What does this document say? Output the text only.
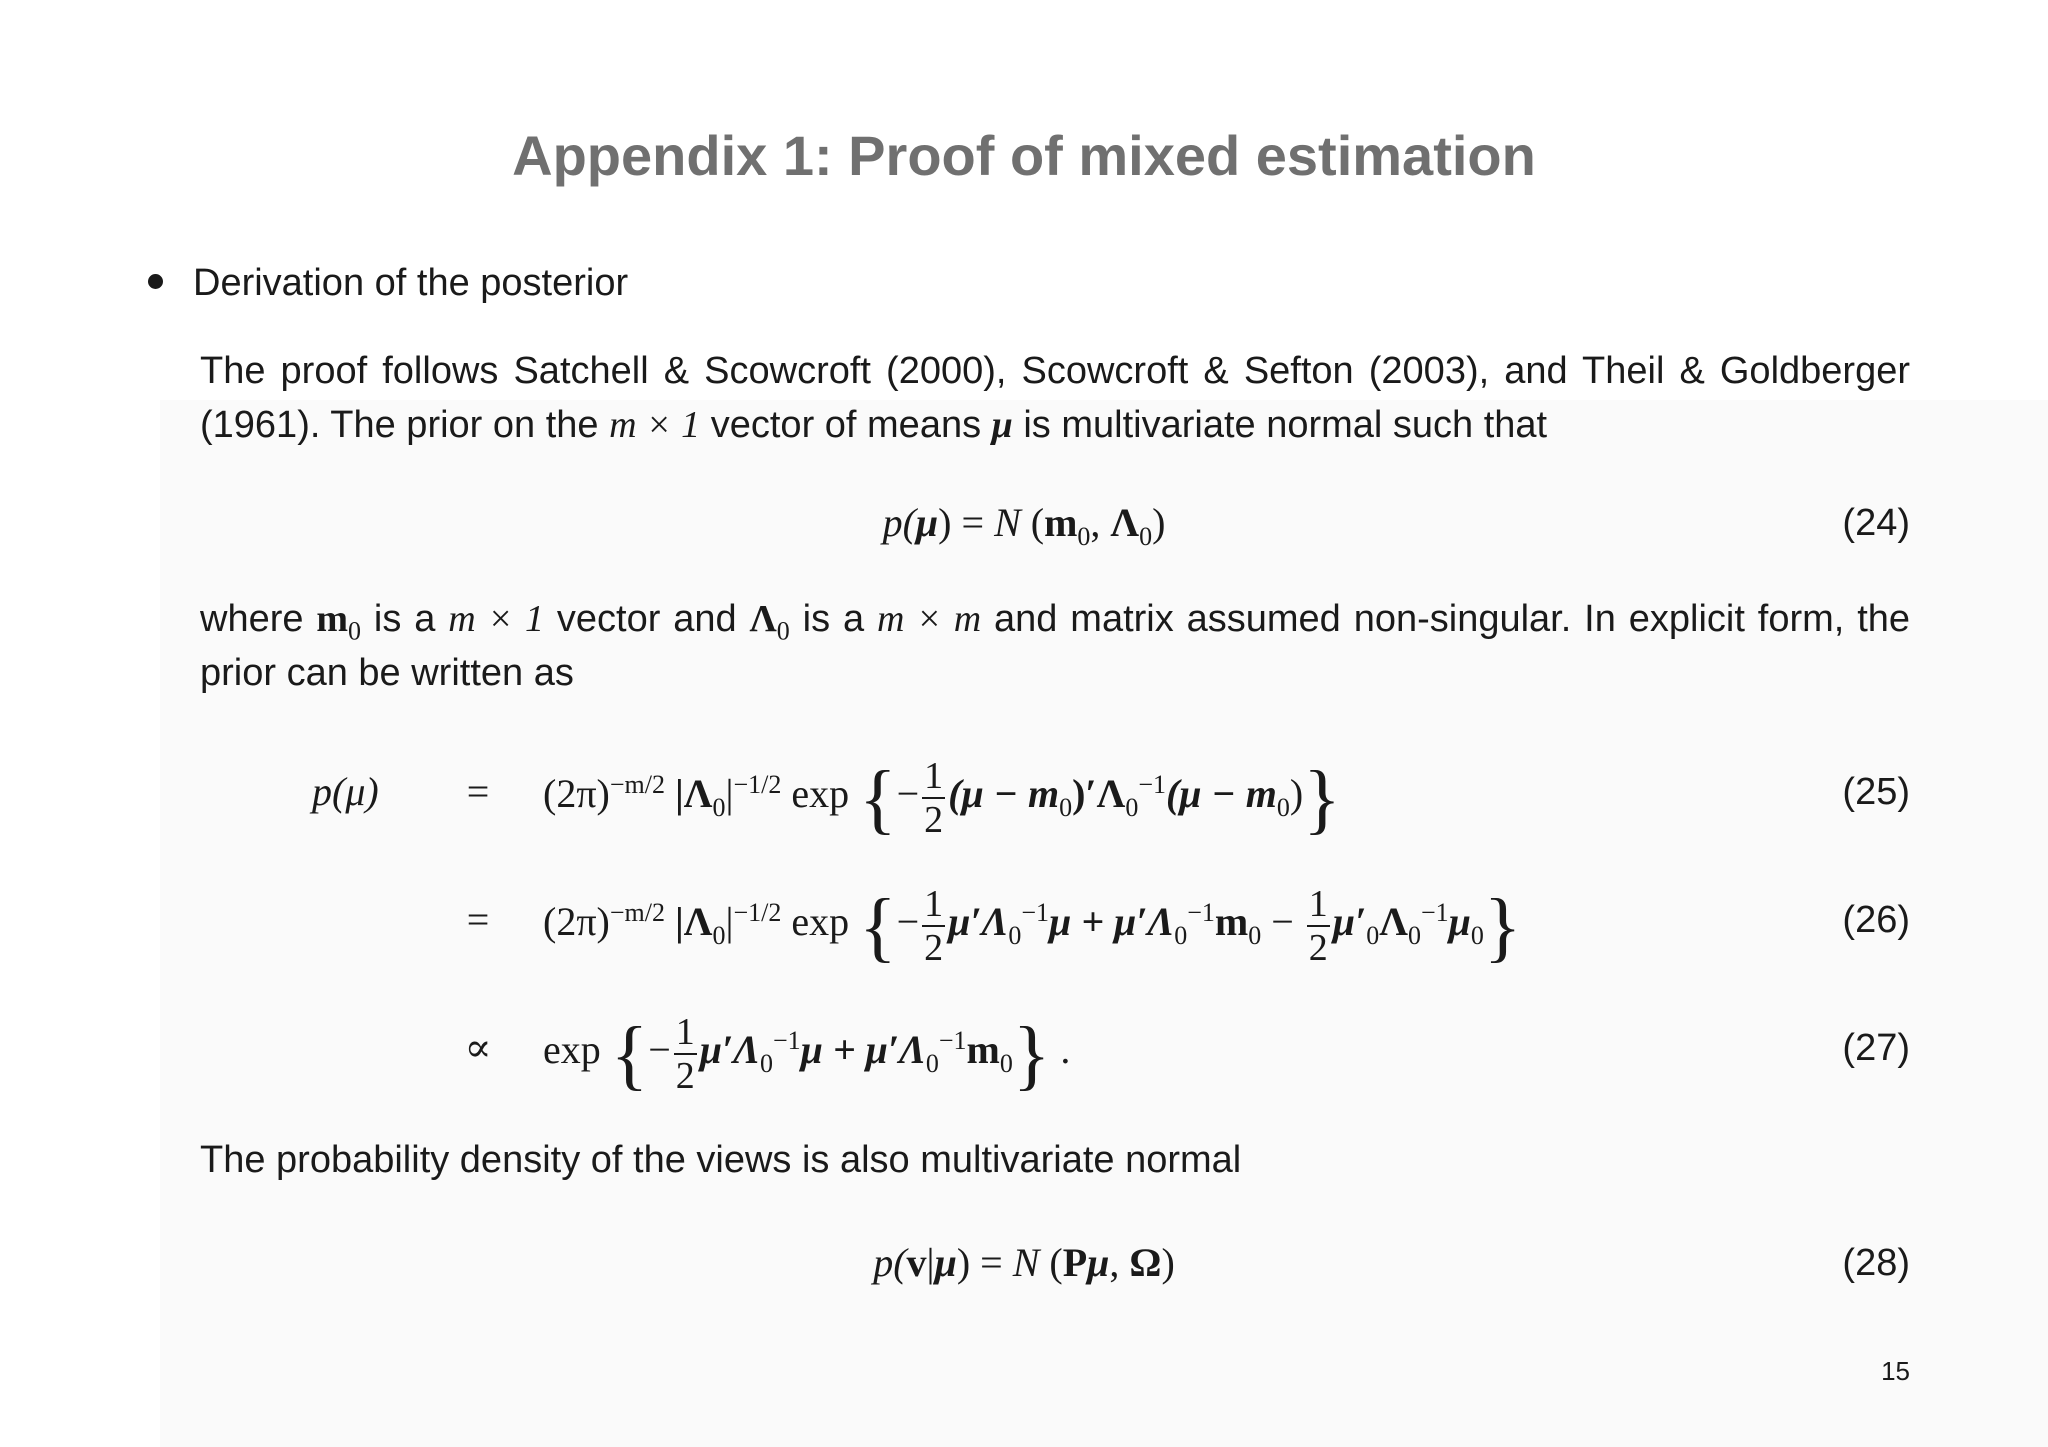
Appendix 1: Proof of mixed estimation
Derivation of the posterior
The proof follows Satchell & Scowcroft (2000), Scowcroft & Sefton (2003), and Theil & Goldberger (1961). The prior on the m × 1 vector of means μ is multivariate normal such that
p(μ) = N ($m_0$, $\Lambda_0$)	(24)
where $m_0$ is a m × 1 vector and $\Lambda_0$ is a m × m and matrix assumed non-singular. In explicit form, the prior can be written as
$p(\mu) = (2\pi)^{-m/2}$ $|\Lambda_0|^{-1/2}$ exp {− $\frac{1}{2} (\mu - m_0)'\Lambda_0^{-1}(\mu - m_0)$}	(25)
= $(2\pi)^{-m/2}$ $|\Lambda_0|^{-1/2}$ exp {− $\frac{1}{2} \mu'\Lambda_0^{-1}\mu + \mu'\Lambda_0^{-1}m_0 - \frac{1}{2} \mu'_0\Lambda_0^{-1}\mu_0$}	(26)
∝ exp {− $\frac{1}{2} \mu'\Lambda_0^{-1}\mu + \mu'\Lambda_0^{-1}m_0$} .	(27)
The probability density of the views is also multivariate normal
p(v|μ) = N (Pμ, Ω)	(28)
15
